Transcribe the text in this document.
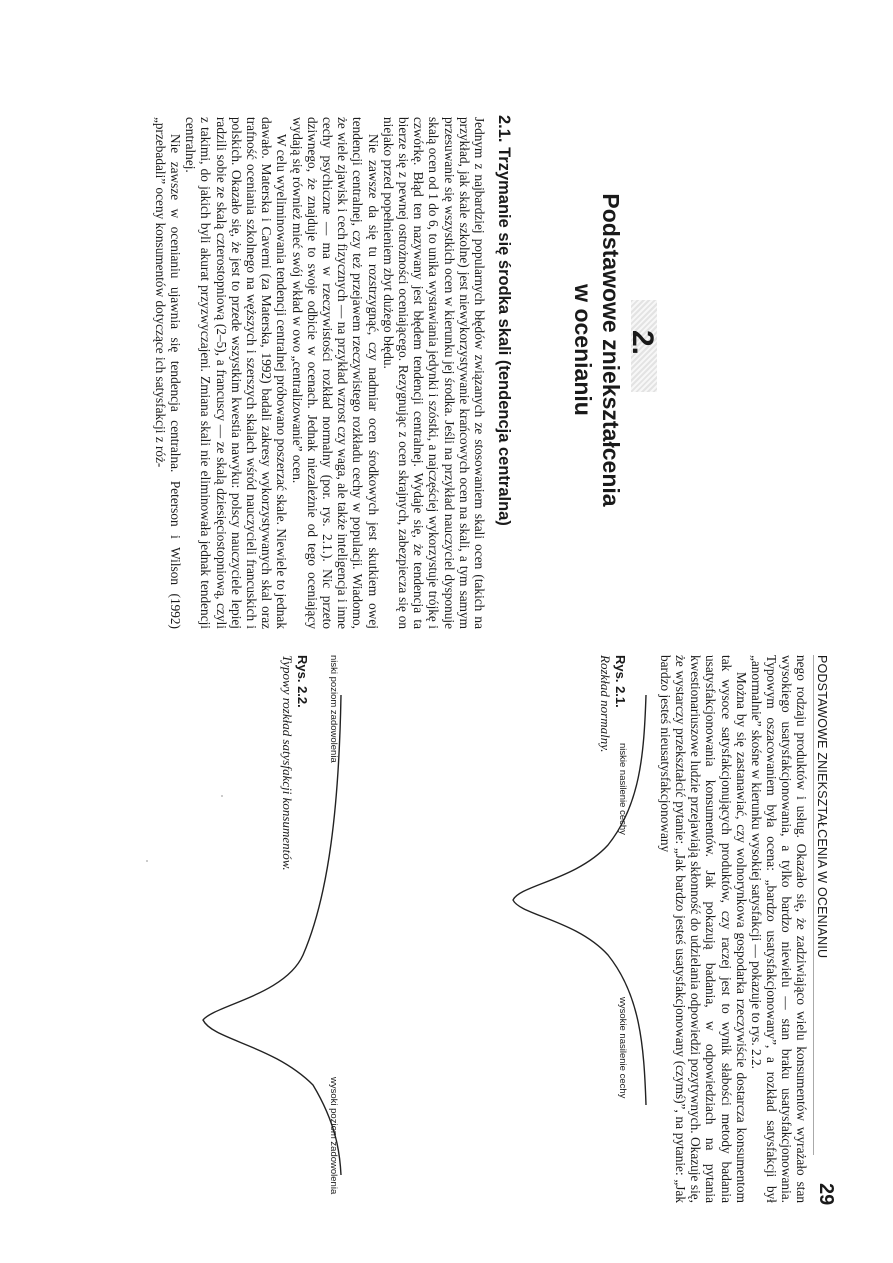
2.
Podstawowe zniekształcenia
w ocenianiu
2.1. Trzymanie się środka skali (tendencja centralna)

Jednym z najbardziej popularnych błędów związanych ze stosowaniem skali ocen (takich na przykład, jak skale szkolne) jest niewykorzystywanie krańcowych ocen na skali, a tym samym przesuwanie się wszystkich ocen w kierunku jej środka. Jeśli na przykład nauczyciel dysponuje skalą ocen od 1 do 6, to unika wystawiania jedynki i szóstki, a najczęściej wykorzystuje trójkę i czwórkę. Błąd ten nazywany jest błędem tendencji centralnej. Wydaje się, że tendencja ta bierze się z pewnej ostrożności oceniającego. Rezygnując z ocen skrajnych, zabezpiecza się on niejako przed popełnieniem zbyt dużego błędu.

Nie zawsze da się tu rozstrzygnąć, czy nadmiar ocen środkowych jest skutkiem owej tendencji centralnej, czy też przejawem rzeczywistego rozkładu cechy w populacji. Wiadomo, że wiele zjawisk i cech fizycznych — na przykład wzrost czy waga, ale także inteligencja i inne cechy psychiczne — ma w rzeczywistości rozkład normalny (por. rys. 2.1.). Nic przeto dziwnego, że znajduje to swoje odbicie w ocenach. Jednak niezależnie od tego oceniający wydają się również mieć swój wkład w owo „centralizowanie” ocen.

W celu wyeliminowania tendencji centralnej próbowano poszerzać skale. Niewiele to jednak dawało. Materska i Caverni (za Materska, 1992) badali zakresy wykorzystywanych skal oraz trafność oceniania szkolnego na węższych i szerszych skalach wśród nauczycieli francuskich i polskich. Okazało się, że jest to przede wszystkim kwestia nawyku: polscy nauczyciele lepiej radzili sobie ze skalą czterostopniową (2–5), a francuscy — ze skalą dziesięciostopniową, czyli z takimi, do jakich byli akurat przyzwyczajeni. Zmiana skali nie eliminowała jednak tendencji centralnej.

Nie zawsze w ocenianiu ujawnia się tendencja centralna. Peterson i Wilson (1992) „przebadali” oceny konsumentów dotyczące ich satysfakcji z róż-

PODSTAWOWE ZNIEKSZTAŁCENIA W OCENIANIU
29

nego rodzaju produktów i usług. Okazało się, że zadziwiająco wielu konsumentów wyrażało stan wysokiego usatysfakcjonowania, a tylko bardzo niewielu — stan braku usatysfakcjonowania. Typowym oszacowaniem była ocena: „bardzo usatysfakcjonowany”, a rozkład satysfakcji był „anormalnie” skośne w kierunku wysokiej satysfakcji — pokazuje to rys. 2.2.

Można by się zastanawiać, czy wolnorynkowa gospodarka rzeczywiście dostarcza konsumentom tak wysoce satysfakcjonujących produktów, czy raczej jest to wynik słabości metody badania usatysfakcjonowania konsumentów. Jak pokazują badania, w odpowiedziach na pytania kwestionariuszowe ludzie przejawiają skłonność do udzielania odpowiedzi pozytywnych. Okazuje się, że wystarczy przekształcić pytanie: „Jak bardzo jesteś usatysfakcjonowany (czymś)”, na pytanie: „Jak bardzo jesteś nieusatysfakcjonowany

niskie nasilenie cechy
wysokie nasilenie cechy
Rys. 2.1.
Rozkład normalny.
niski poziom zadowolenia
wysoki poziom zadowolenia
Rys. 2.2.
Typowy rozkład satysfakcji konsumentów.
